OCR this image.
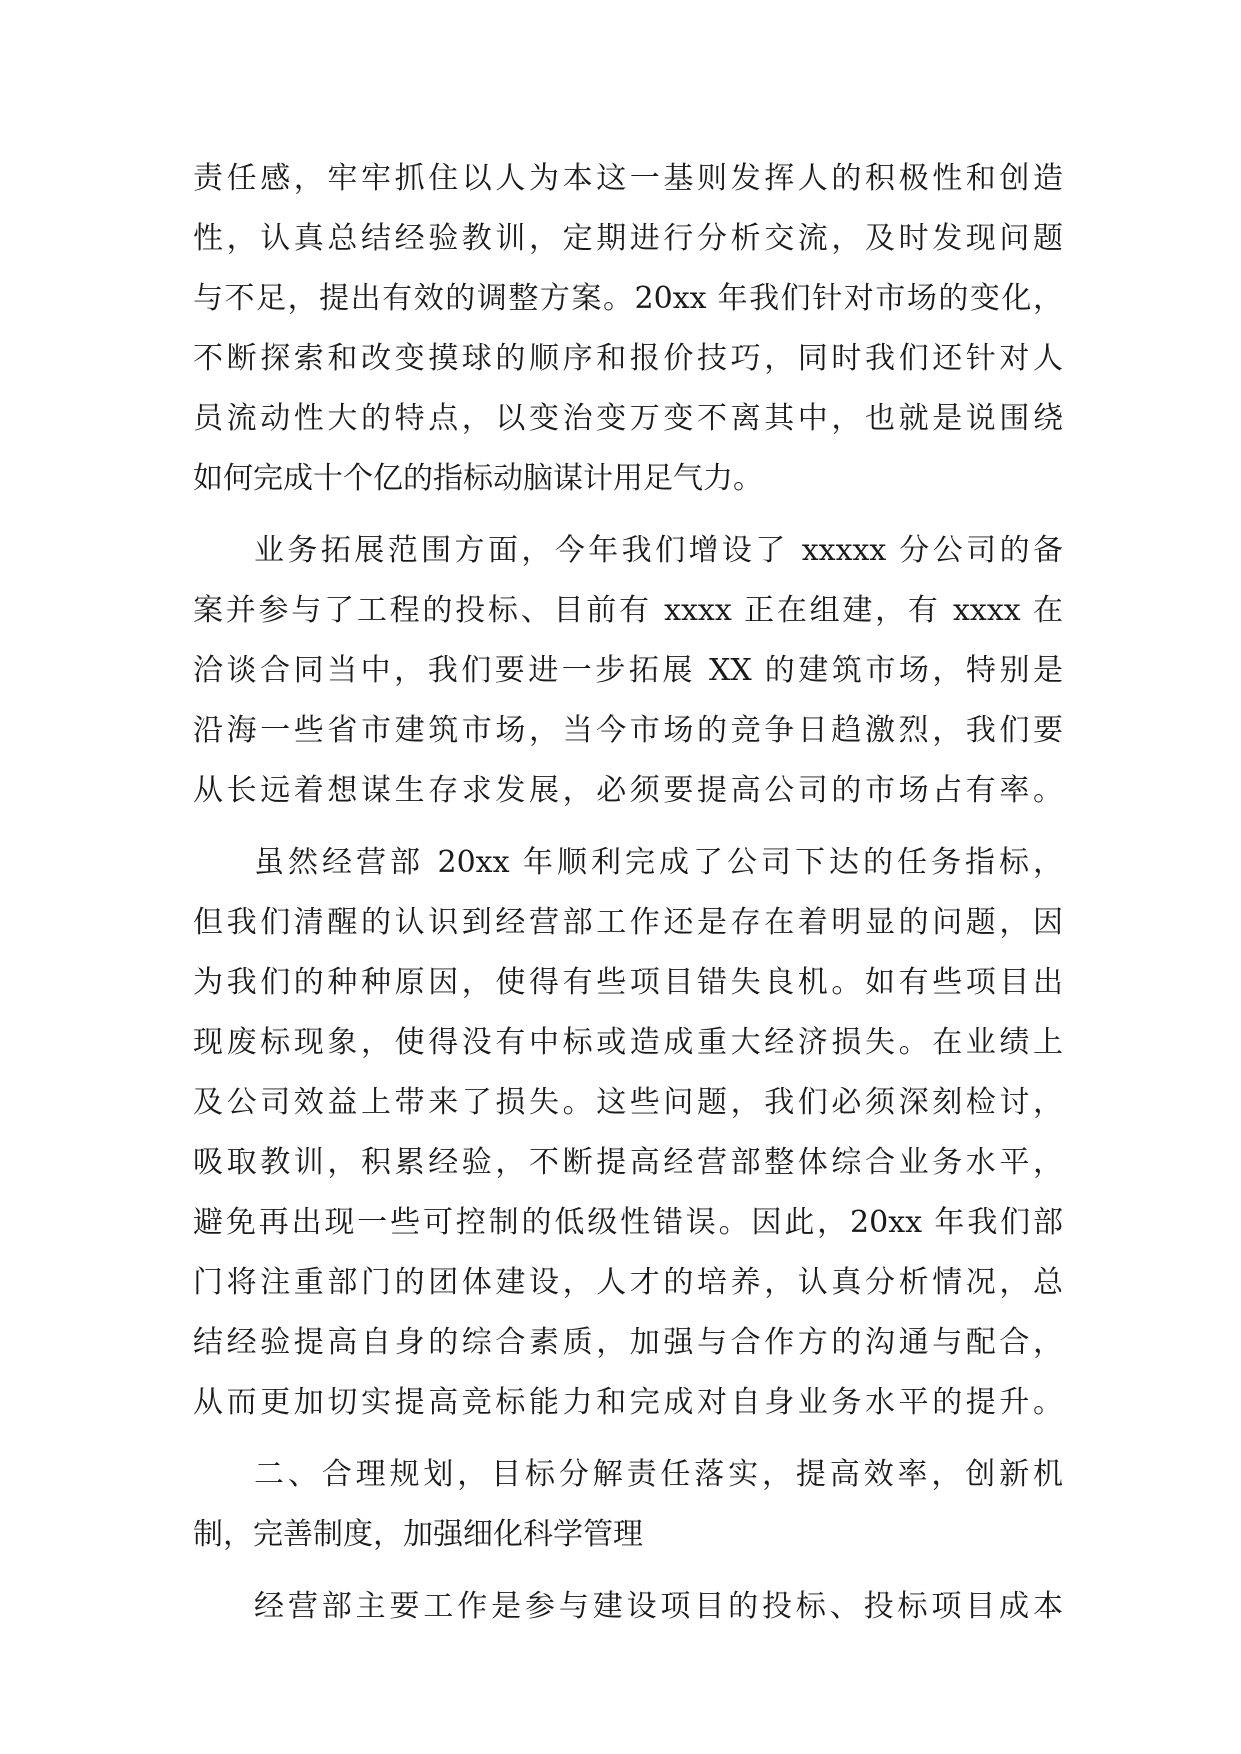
责任感，牢牢抓住以人为本这一基则发挥人的积极性和创造

性，认真总结经验教训，定期进行分析交流，及时发现问题

与不足，提出有效的调整方案。20xx 年我们针对市场的变化，

不断探索和改变摸球的顺序和报价技巧，同时我们还针对人

员流动性大的特点，以变治变万变不离其中，也就是说围绕

如何完成十个亿的指标动脑谋计用足气力。

业务拓展范围方面，今年我们增设了 xxxxx 分公司的备

案并参与了工程的投标、目前有 xxxx 正在组建，有 xxxx 在

洽谈合同当中，我们要进一步拓展 XX 的建筑市场，特别是

沿海一些省市建筑市场，当今市场的竞争日趋激烈，我们要

从长远着想谋生存求发展，必须要提高公司的市场占有率。

虽然经营部 20xx 年顺利完成了公司下达的任务指标，

但我们清醒的认识到经营部工作还是存在着明显的问题，因

为我们的种种原因，使得有些项目错失良机。如有些项目出

现废标现象，使得没有中标或造成重大经济损失。在业绩上

及公司效益上带来了损失。这些问题，我们必须深刻检讨，

吸取教训，积累经验，不断提高经营部整体综合业务水平，

避免再出现一些可控制的低级性错误。因此，20xx 年我们部

门将注重部门的团体建设，人才的培养，认真分析情况，总

结经验提高自身的综合素质，加强与合作方的沟通与配合，

从而更加切实提高竞标能力和完成对自身业务水平的提升。

二、合理规划，目标分解责任落实，提高效率，创新机

制，完善制度，加强细化科学管理

经营部主要工作是参与建设项目的投标、投标项目成本
